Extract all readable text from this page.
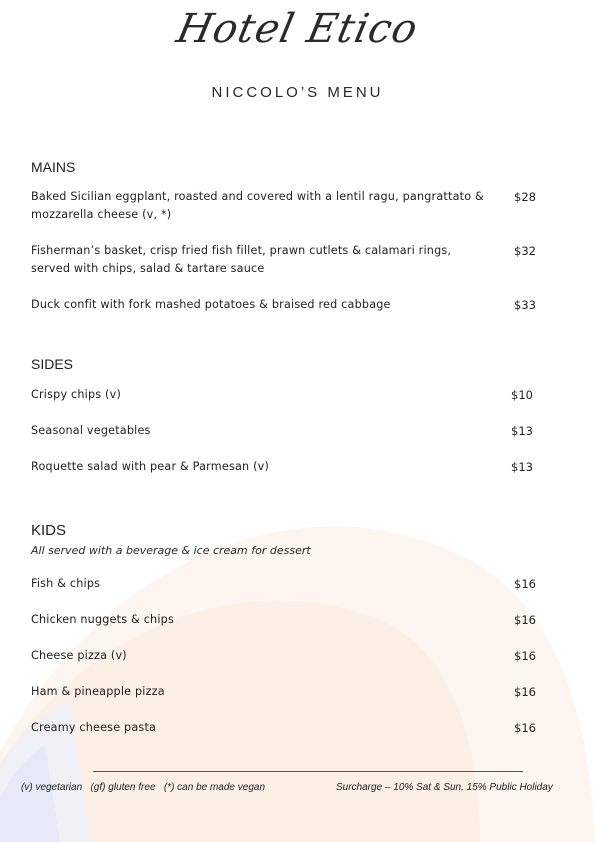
Hotel Etico
NICCOLO’S MENU
MAINS
Baked Sicilian eggplant, roasted and covered with a lentil ragu, pangrattato & mozzarella cheese (v, *)
$28
Fisherman’s basket, crisp fried fish fillet, prawn cutlets & calamari rings, served with chips, salad & tartare sauce
$32
Duck confit with fork mashed potatoes & braised red cabbage	$33
SIDES
Crispy chips (v)	$10
Seasonal vegetables	$13
Roquette salad with pear & Parmesan (v)	$13
KIDS
All served with a beverage & ice cream for dessert
Fish & chips	$16
Chicken nuggets & chips	$16
Cheese pizza (v)	$16
Ham & pineapple pizza	$16
Creamy cheese pasta	$16
(v) vegetarian   (gf) gluten free   (*) can be made vegan	Surcharge – 10% Sat & Sun, 15% Public Holiday
